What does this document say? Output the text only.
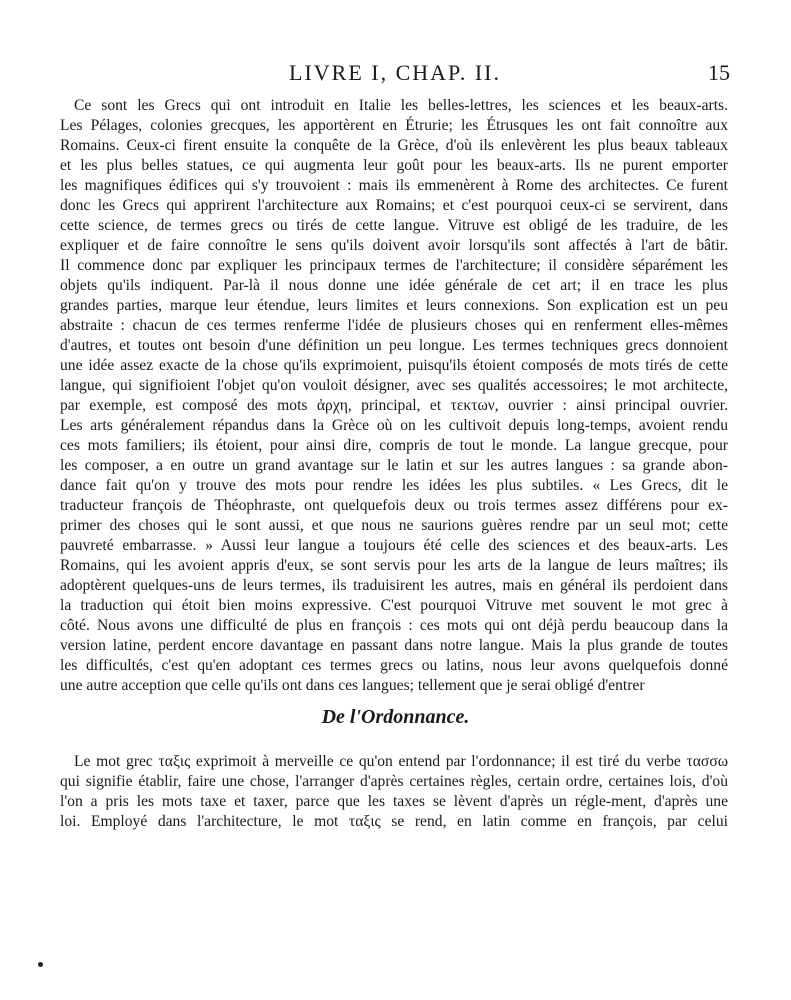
LIVRE I, CHAP. II.	15
Ce sont les Grecs qui ont introduit en Italie les belles-lettres, les sciences et les beaux-arts.
Les Pélages, colonies grecques, les apportèrent en Étrurie; les Étrusques les ont fait connoître aux
Romains. Ceux-ci firent ensuite la conquête de la Grèce, d'où ils enlevèrent les plus beaux tableaux
et les plus belles statues, ce qui augmenta leur goût pour les beaux-arts. Ils ne purent emporter
les magnifiques édifices qui s'y trouvoient : mais ils emmenèrent à Rome des architectes. Ce furent
donc les Grecs qui apprirent l'architecture aux Romains; et c'est pourquoi ceux-ci se servirent, dans
cette science, de termes grecs ou tirés de cette langue. Vitruve est obligé de les traduire, de les
expliquer et de faire connoître le sens qu'ils doivent avoir lorsqu'ils sont affectés à l'art de bâtir.
Il commence donc par expliquer les principaux termes de l'architecture; il considère séparément les
objets qu'ils indiquent. Par-là il nous donne une idée générale de cet art; il en trace les plus
grandes parties, marque leur étendue, leurs limites et leurs connexions. Son explication est un peu
abstraite : chacun de ces termes renferme l'idée de plusieurs choses qui en renferment elles-mêmes
d'autres, et toutes ont besoin d'une définition un peu longue. Les termes techniques grecs donnoient
une idée assez exacte de la chose qu'ils exprimoient, puisqu'ils étoient composés de mots tirés de cette
langue, qui signifioient l'objet qu'on vouloit désigner, avec ses qualités accessoires; le mot architecte,
par exemple, est composé des mots ἀρχη, principal, et τεκτων, ouvrier : ainsi principal ouvrier.
Les arts généralement répandus dans la Grèce où on les cultivoit depuis long-temps, avoient rendu
ces mots familiers; ils étoient, pour ainsi dire, compris de tout le monde. La langue grecque, pour
les composer, a en outre un grand avantage sur le latin et sur les autres langues : sa grande abon-
dance fait qu'on y trouve des mots pour rendre les idées les plus subtiles. « Les Grecs, dit le
traducteur françois de Théophraste, ont quelquefois deux ou trois termes assez différens pour ex-
primer des choses qui le sont aussi, et que nous ne saurions guères rendre par un seul mot; cette
pauvreté embarrasse. » Aussi leur langue a toujours été celle des sciences et des beaux-arts. Les
Romains, qui les avoient appris d'eux, se sont servis pour les arts de la langue de leurs maîtres; ils
adoptèrent quelques-uns de leurs termes, ils traduisirent les autres, mais en général ils perdoient dans
la traduction qui étoit bien moins expressive. C'est pourquoi Vitruve met souvent le mot grec à
côté. Nous avons une difficulté de plus en françois : ces mots qui ont déjà perdu beaucoup dans la
version latine, perdent encore davantage en passant dans notre langue. Mais la plus grande de toutes
les difficultés, c'est qu'en adoptant ces termes grecs ou latins, nous leur avons quelquefois donné
une autre acception que celle qu'ils ont dans ces langues; tellement que je serai obligé d'entrer
De l'Ordonnance.
Le mot grec ταξις exprimoit à merveille ce qu'on entend par l'ordonnance; il est tiré du verbe τασσω
qui signifie établir, faire une chose, l'arranger d'après certaines règles, certain ordre, certaines lois, d'où
l'on a pris les mots taxe et taxer, parce que les taxes se lèvent d'après un régle-ment, d'après une
loi. Employé dans l'architecture, le mot ταξις se rend, en latin comme en françois, par celui
